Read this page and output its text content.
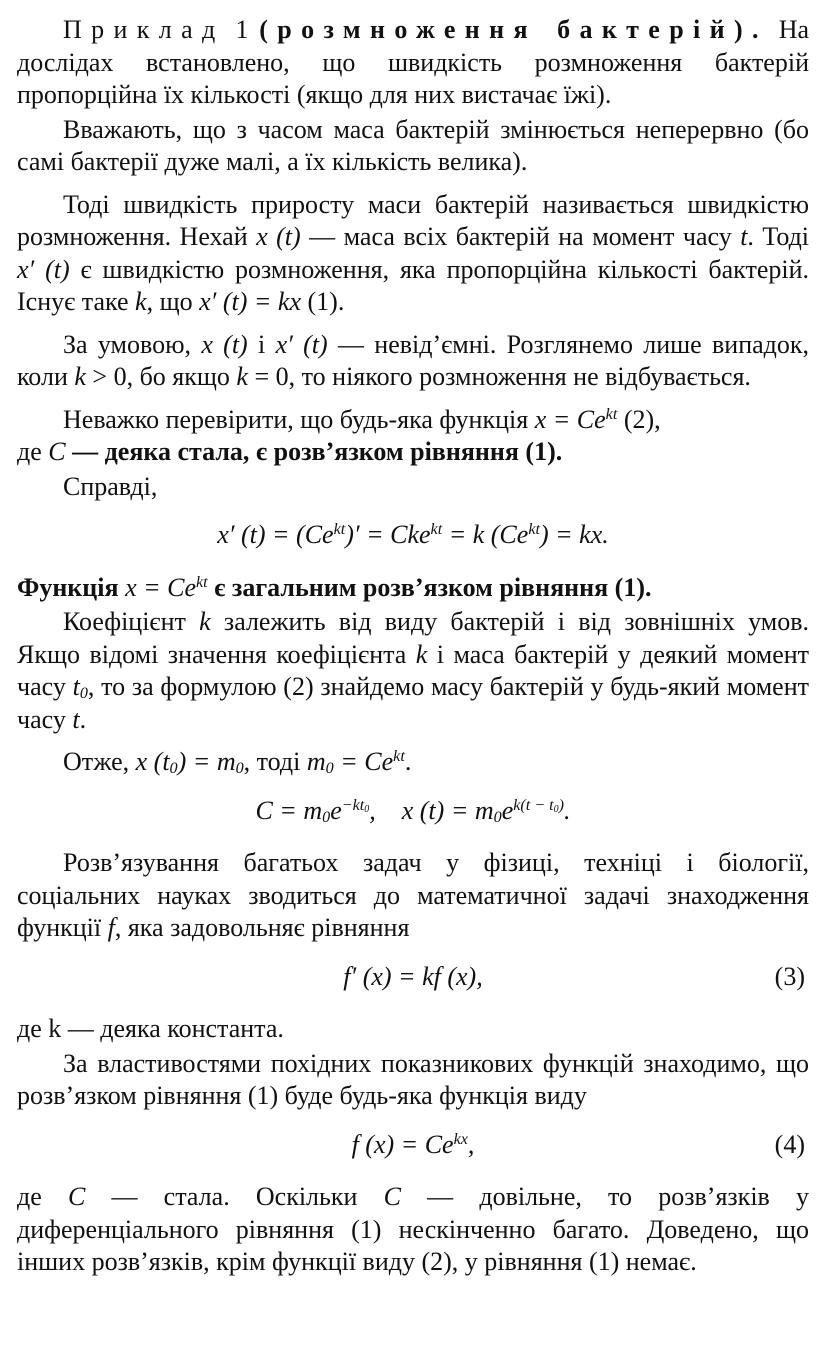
Приклад 1 (розмноження бактерій). На дослідах встановлено, що швидкість розмноження бактерій пропорційна їх кількості (якщо для них вистачає їжі).

Вважають, що з часом маса бактерій змінюється неперервно (бо самі бактерії дуже малі, а їх кількість велика).

Тоді швидкість приросту маси бактерій називається швидкістю розмноження. Нехай x (t) — маса всіх бактерій на момент часу t. Тоді x′ (t) є швидкістю розмноження, яка пропорційна кількості бактерій. Існує таке k, що x′ (t) = kx (1).

За умовою, x (t) і x′ (t) — невід’ємні. Розглянемо лише випадок, коли k > 0, бо якщо k = 0, то ніякого розмноження не відбувається.

Неважко перевірити, що будь-яка функція $x = Ce^{kt}$ (2),
де C — деяка стала, є розв’язком рівняння (1).

Справді,

x′ $(t) = (Ce^{kt})' = Cke^{kt} = k$ $(Ce^{kt})$ = kx.

Функція $x = Ce^{kt}$ є загальним розв’язком рівняння (1).

Коефіцієнт k залежить від виду бактерій і від зовнішніх умов. Якщо відомі значення коефіцієнта k і маса бактерій у деякий момент часу $t_0$, то за формулою (2) знайдемо масу бактерій у будь-який момент часу t.

Отже, x $(t_0) = m_0$, тоді $m_0 = Ce^{kt}$.

$C = m_0e^{-kt_0}$,    x $(t) = m_0e^{k(t - t_0)}$.

Розв’язування багатьох задач у фізиці, техніці і біології, соціальних науках зводиться до математичної задачі знаходження функції f, яка задовольняє рівняння

f′ (x) = kf (x),	(3)

де k — деяка константа.

За властивостями похідних показникових функцій знаходимо, що розв’язком рівняння (1) буде будь-яка функція виду

f $(x) = Ce^{kx}$,	(4)

де C — стала. Оскільки C — довільне, то розв’язків у диференціального рівняння (1) нескінченно багато. Доведено, що інших розв’язків, крім функції виду (2), у рівняння (1) немає.
